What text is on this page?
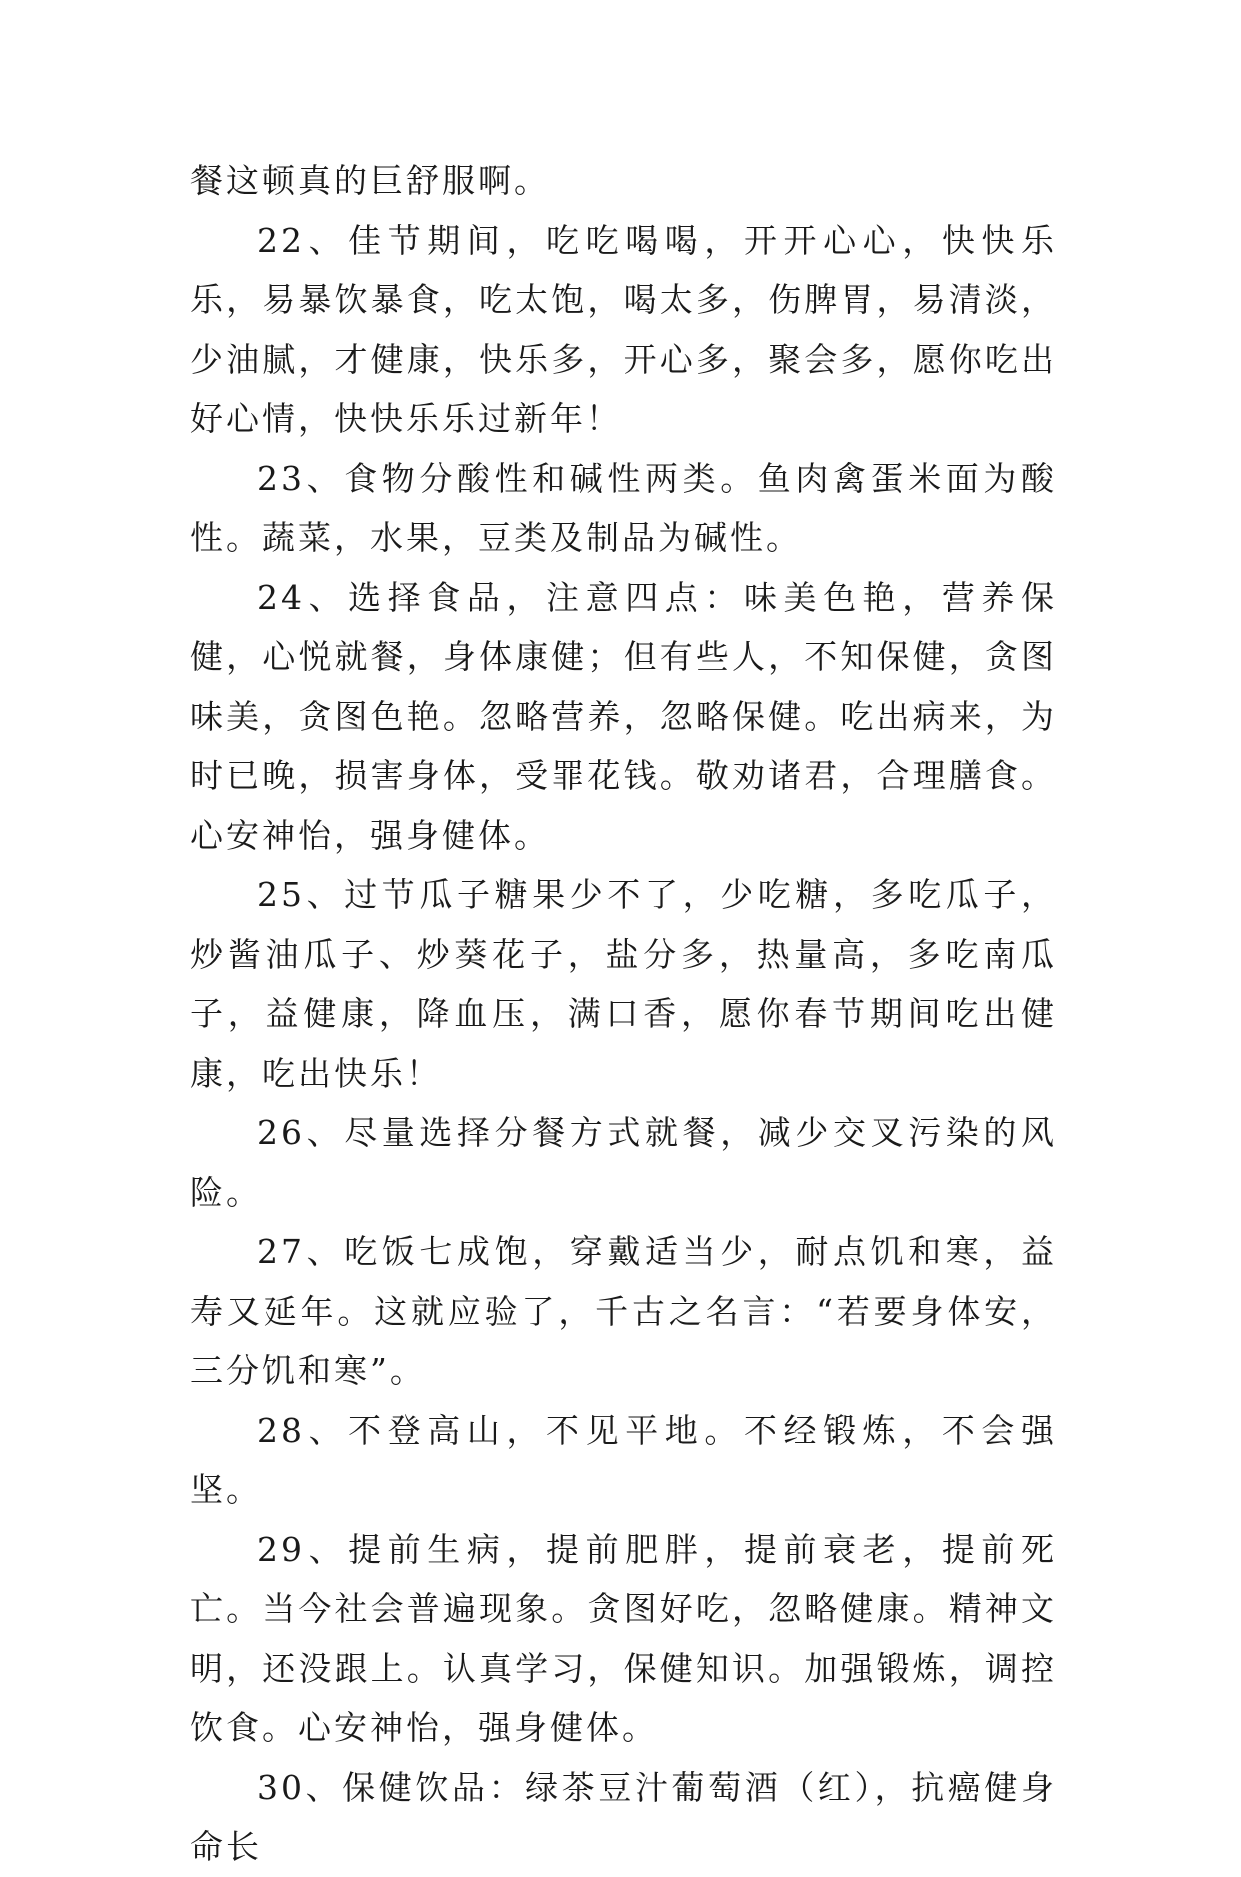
餐这顿真的巨舒服啊。

22、佳节期间，吃吃喝喝，开开心心，快快乐乐，易暴饮暴食，吃太饱，喝太多，伤脾胃，易清淡，少油腻，才健康，快乐多，开心多，聚会多，愿你吃出好心情，快快乐乐过新年！

23、食物分酸性和碱性两类。鱼肉禽蛋米面为酸性。蔬菜，水果，豆类及制品为碱性。

24、选择食品，注意四点：味美色艳，营养保健，心悦就餐，身体康健；但有些人，不知保健，贪图味美，贪图色艳。忽略营养，忽略保健。吃出病来，为时已晚，损害身体，受罪花钱。敬劝诸君，合理膳食。心安神怡，强身健体。

25、过节瓜子糖果少不了，少吃糖，多吃瓜子，炒酱油瓜子、炒葵花子，盐分多，热量高，多吃南瓜子，益健康，降血压，满口香，愿你春节期间吃出健康，吃出快乐！

26、尽量选择分餐方式就餐，减少交叉污染的风险。

27、吃饭七成饱，穿戴适当少，耐点饥和寒，益寿又延年。这就应验了，千古之名言：“若要身体安，三分饥和寒”。

28、不登高山，不见平地。不经锻炼，不会强坚。

29、提前生病，提前肥胖，提前衰老，提前死亡。当今社会普遍现象。贪图好吃，忽略健康。精神文明，还没跟上。认真学习，保健知识。加强锻炼，调控饮食。心安神怡，强身健体。

30、保健饮品：绿茶豆汁葡萄酒（红），抗癌健身命长
